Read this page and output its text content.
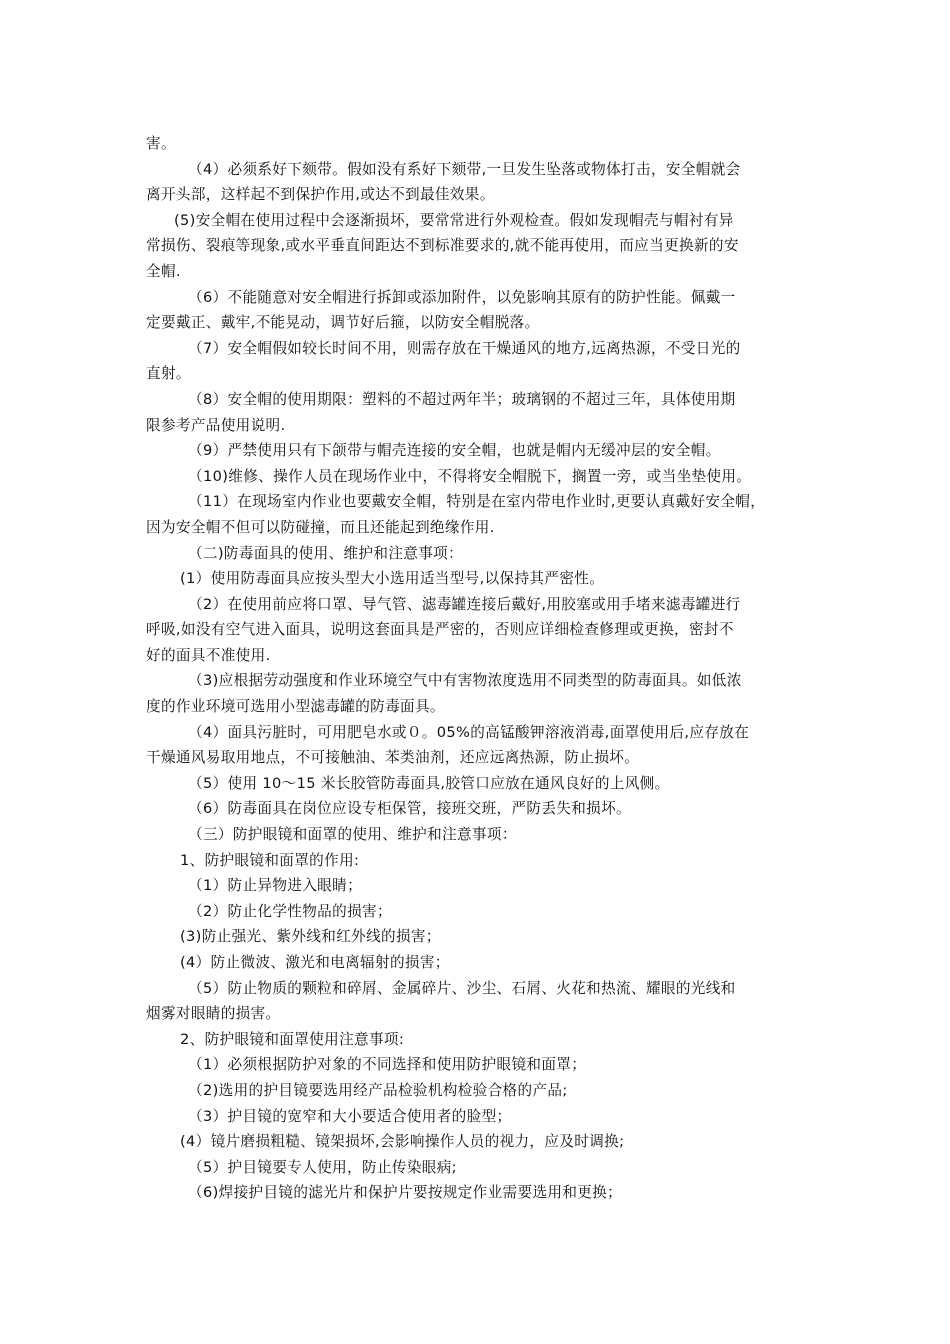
害。
（4）必须系好下颏带。假如没有系好下颏带,一旦发生坠落或物体打击，安全帽就会
离开头部，这样起不到保护作用,或达不到最佳效果。
(5)安全帽在使用过程中会逐渐损坏，要常常进行外观检查。假如发现帽壳与帽衬有异
常损伤、裂痕等现象,或水平垂直间距达不到标准要求的,就不能再使用，而应当更换新的安
全帽.
（6）不能随意对安全帽进行拆卸或添加附件，以免影响其原有的防护性能。佩戴一
定要戴正、戴牢,不能晃动，调节好后箍，以防安全帽脱落。
（7）安全帽假如较长时间不用，则需存放在干燥通风的地方,远离热源，不受日光的
直射。
（8）安全帽的使用期限：塑料的不超过两年半；玻璃钢的不超过三年，具体使用期
限参考产品使用说明.
（9）严禁使用只有下颌带与帽壳连接的安全帽，也就是帽内无缓冲层的安全帽。
（10)维修、操作人员在现场作业中，不得将安全帽脱下，搁置一旁，或当坐垫使用。
（11）在现场室内作业也要戴安全帽，特别是在室内带电作业时,更要认真戴好安全帽，
因为安全帽不但可以防碰撞，而且还能起到绝缘作用.
（二)防毒面具的使用、维护和注意事项：
(1）使用防毒面具应按头型大小选用适当型号,以保持其严密性。
（2）在使用前应将口罩、导气管、滤毒罐连接后戴好,用胶塞或用手堵来滤毒罐进行
呼吸,如没有空气进入面具，说明这套面具是严密的，否则应详细检查修理或更换，密封不
好的面具不准使用.
（3)应根据劳动强度和作业环境空气中有害物浓度选用不同类型的防毒面具。如低浓
度的作业环境可选用小型滤毒罐的防毒面具。
（4）面具污脏时，可用肥皂水或０。05%的高锰酸钾溶液消毒,面罩使用后,应存放在
干燥通风易取用地点，不可接触油、苯类油剂，还应远离热源，防止损坏。
（5）使用 10～15 米长胶管防毒面具,胶管口应放在通风良好的上风侧。
（6）防毒面具在岗位应设专柜保管，接班交班，严防丢失和损坏。
（三）防护眼镜和面罩的使用、维护和注意事项：
1、防护眼镜和面罩的作用:
（1）防止异物进入眼睛；
（2）防止化学性物品的损害；
(3)防止强光、紫外线和红外线的损害；
(4）防止微波、激光和电离辐射的损害；
（5）防止物质的颗粒和碎屑、金属碎片、沙尘、石屑、火花和热流、耀眼的光线和
烟雾对眼睛的损害。
2、防护眼镜和面罩使用注意事项:
（1）必须根据防护对象的不同选择和使用防护眼镜和面罩；
（2)选用的护目镜要选用经产品检验机构检验合格的产品;
（3）护目镜的宽窄和大小要适合使用者的脸型；
(4）镜片磨损粗糙、镜架损坏,会影响操作人员的视力，应及时调换;
（5）护目镜要专人使用，防止传染眼病;
（6)焊接护目镜的滤光片和保护片要按规定作业需要选用和更换；
